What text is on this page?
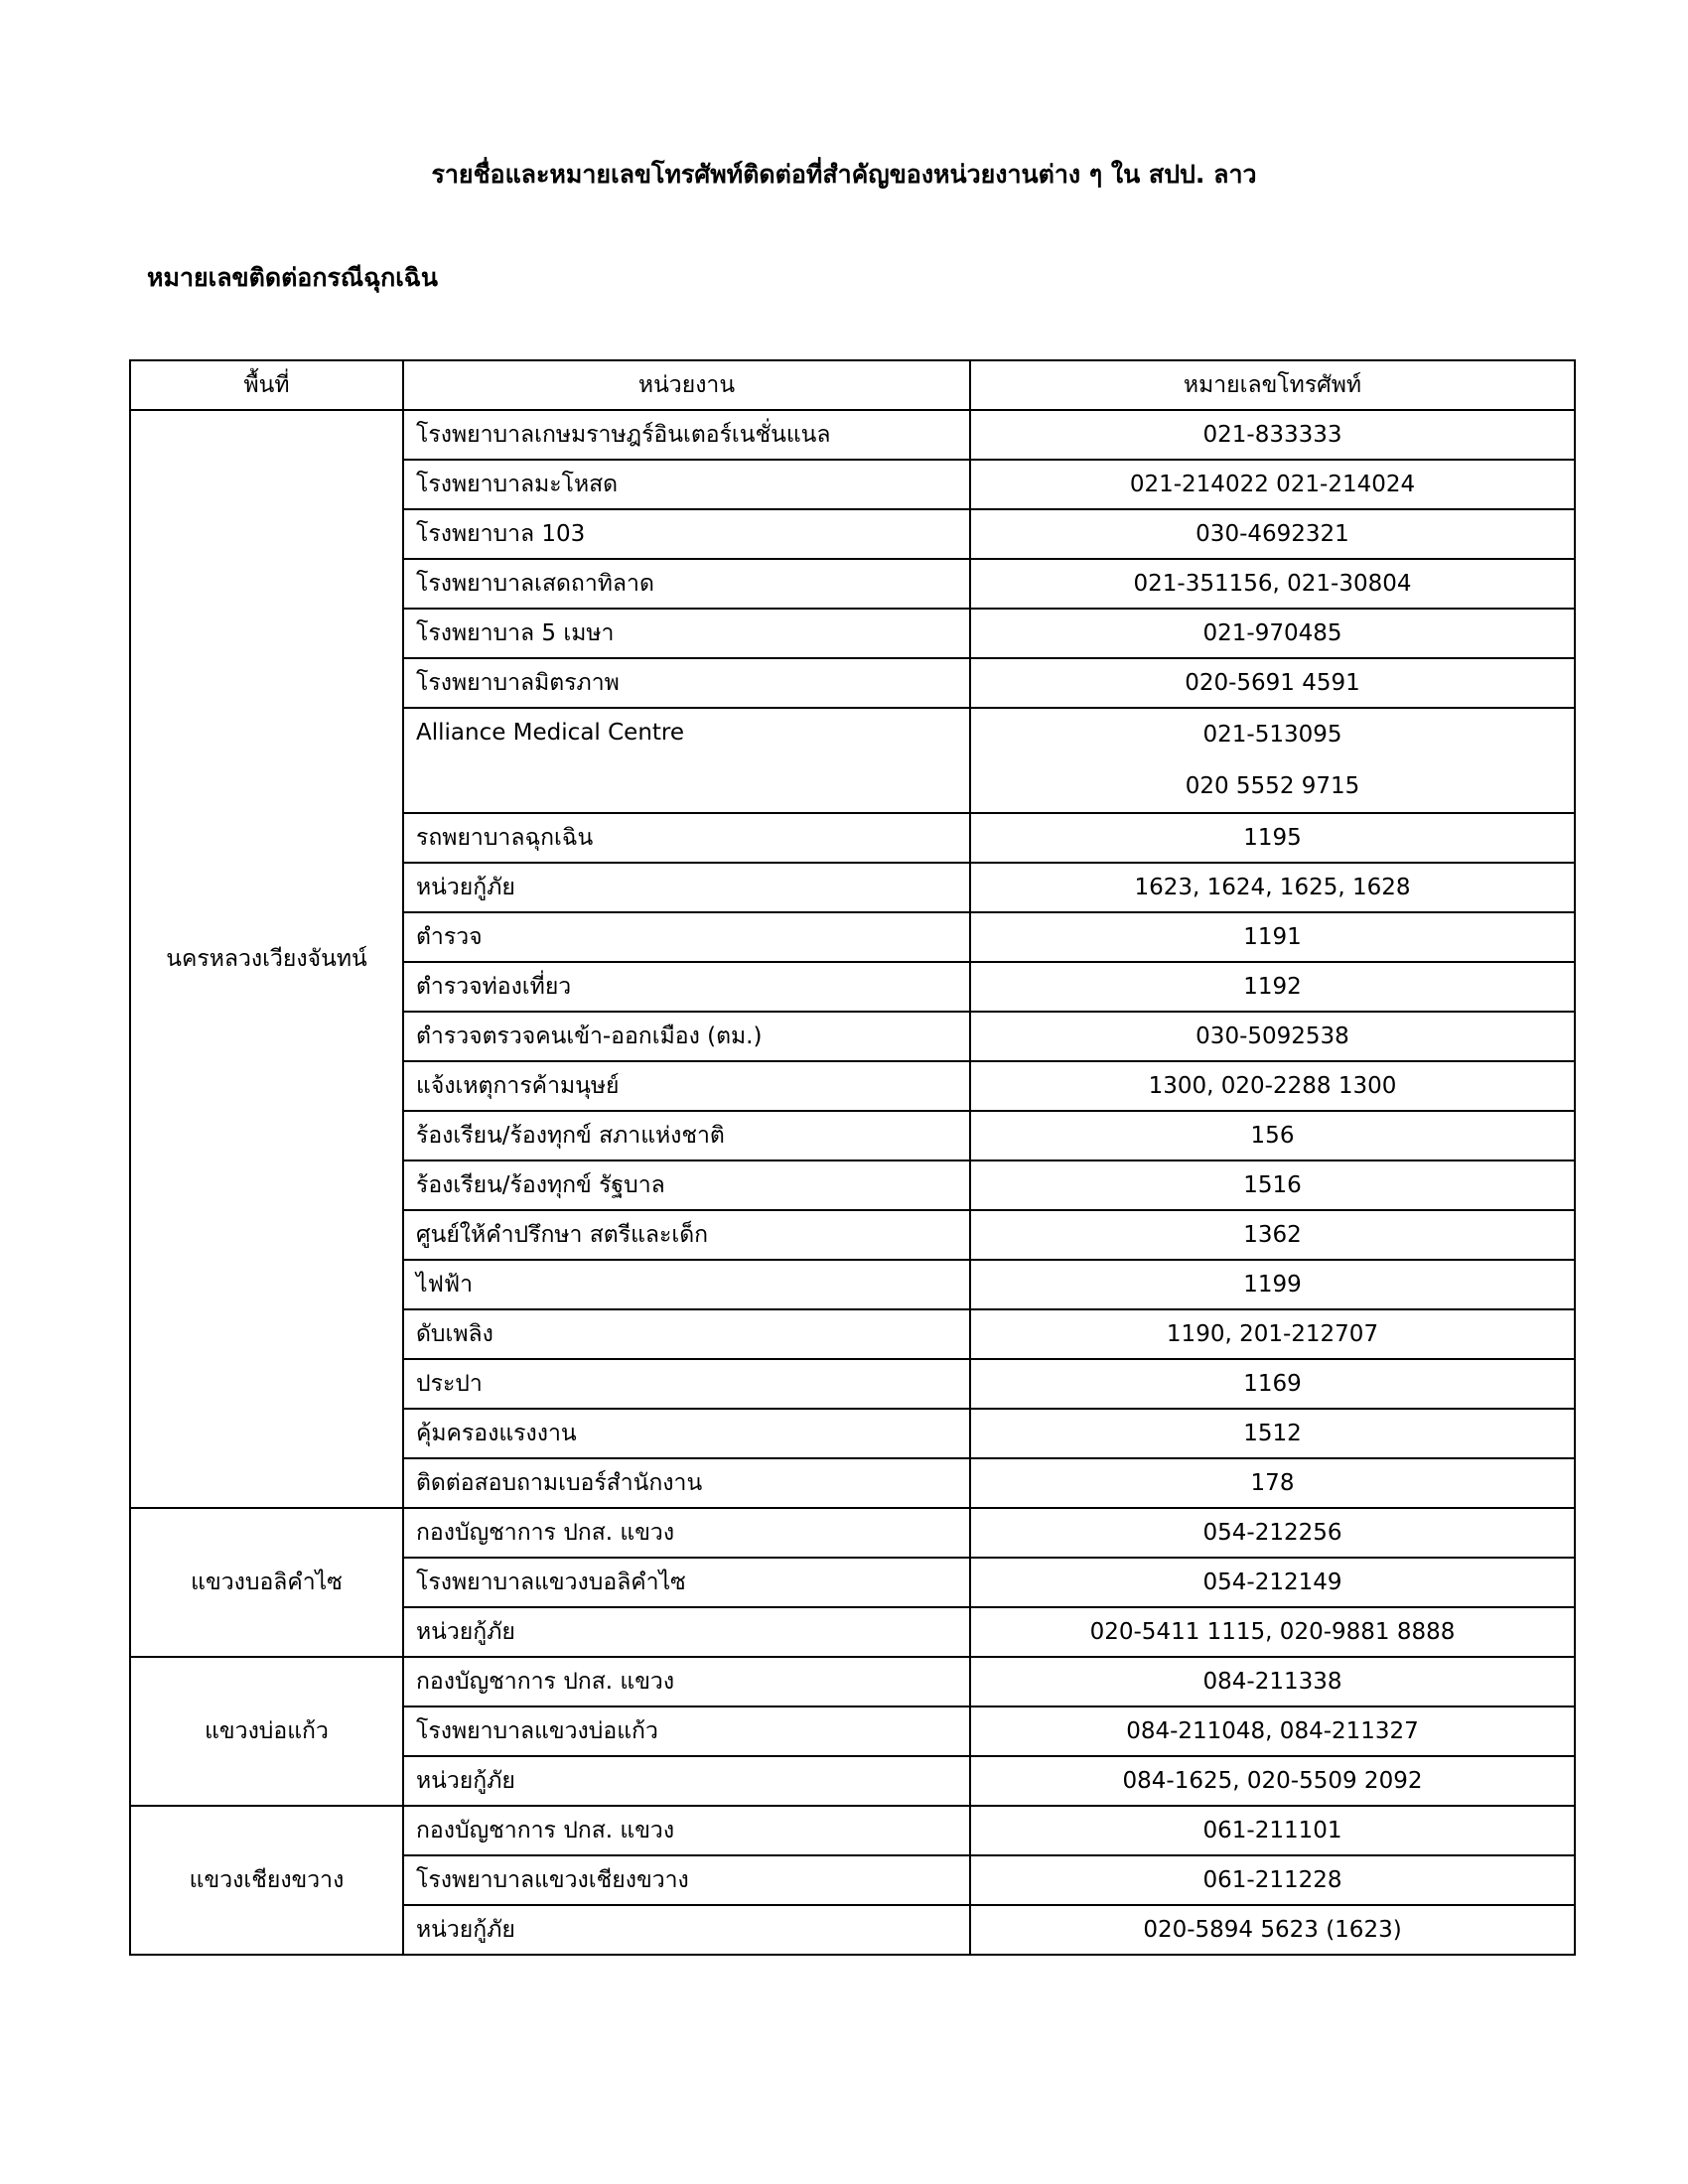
รายชื่อและหมายเลขโทรศัพท์ติดต่อที่สำคัญของหน่วยงานต่าง ๆ ใน สปป. ลาว
หมายเลขติดต่อกรณีฉุกเฉิน
พื้นที่	หน่วยงาน	หมายเลขโทรศัพท์
นครหลวงเวียงจันทน์	โรงพยาบาลเกษมราษฎร์อินเตอร์เนชั่นแนล	021-833333
	โรงพยาบาลมะโหสด	021-214022 021-214024
	โรงพยาบาล 103	030-4692321
	โรงพยาบาลเสดถาทิลาด	021-351156, 021-30804
	โรงพยาบาล 5 เมษา	021-970485
	โรงพยาบาลมิตรภาพ	020-5691 4591
	Alliance Medical Centre	021-513095
020 5552 9715

	รถพยาบาลฉุกเฉิน	1195
	หน่วยกู้ภัย	1623, 1624, 1625, 1628
	ตำรวจ	1191
	ตำรวจท่องเที่ยว	1192
	ตำรวจตรวจคนเข้า-ออกเมือง (ตม.)	030-5092538
	แจ้งเหตุการค้ามนุษย์	1300, 020-2288 1300
	ร้องเรียน/ร้องทุกข์ สภาแห่งชาติ	156
	ร้องเรียน/ร้องทุกข์ รัฐบาล	1516
	ศูนย์ให้คำปรึกษา สตรีและเด็ก	1362
	ไฟฟ้า	1199
	ดับเพลิง	1190, 201-212707
	ประปา	1169
	คุ้มครองแรงงาน	1512
	ติดต่อสอบถามเบอร์สำนักงาน	178
แขวงบอลิคำไซ	กองบัญชาการ ปกส. แขวง	054-212256
	โรงพยาบาลแขวงบอลิคำไซ	054-212149
	หน่วยกู้ภัย	020-5411 1115, 020-9881 8888
แขวงบ่อแก้ว	กองบัญชาการ ปกส. แขวง	084-211338
	โรงพยาบาลแขวงบ่อแก้ว	084-211048, 084-211327
	หน่วยกู้ภัย	084-1625, 020-5509 2092
แขวงเชียงขวาง	กองบัญชาการ ปกส. แขวง	061-211101
	โรงพยาบาลแขวงเชียงขวาง	061-211228
	หน่วยกู้ภัย	020-5894 5623 (1623)
